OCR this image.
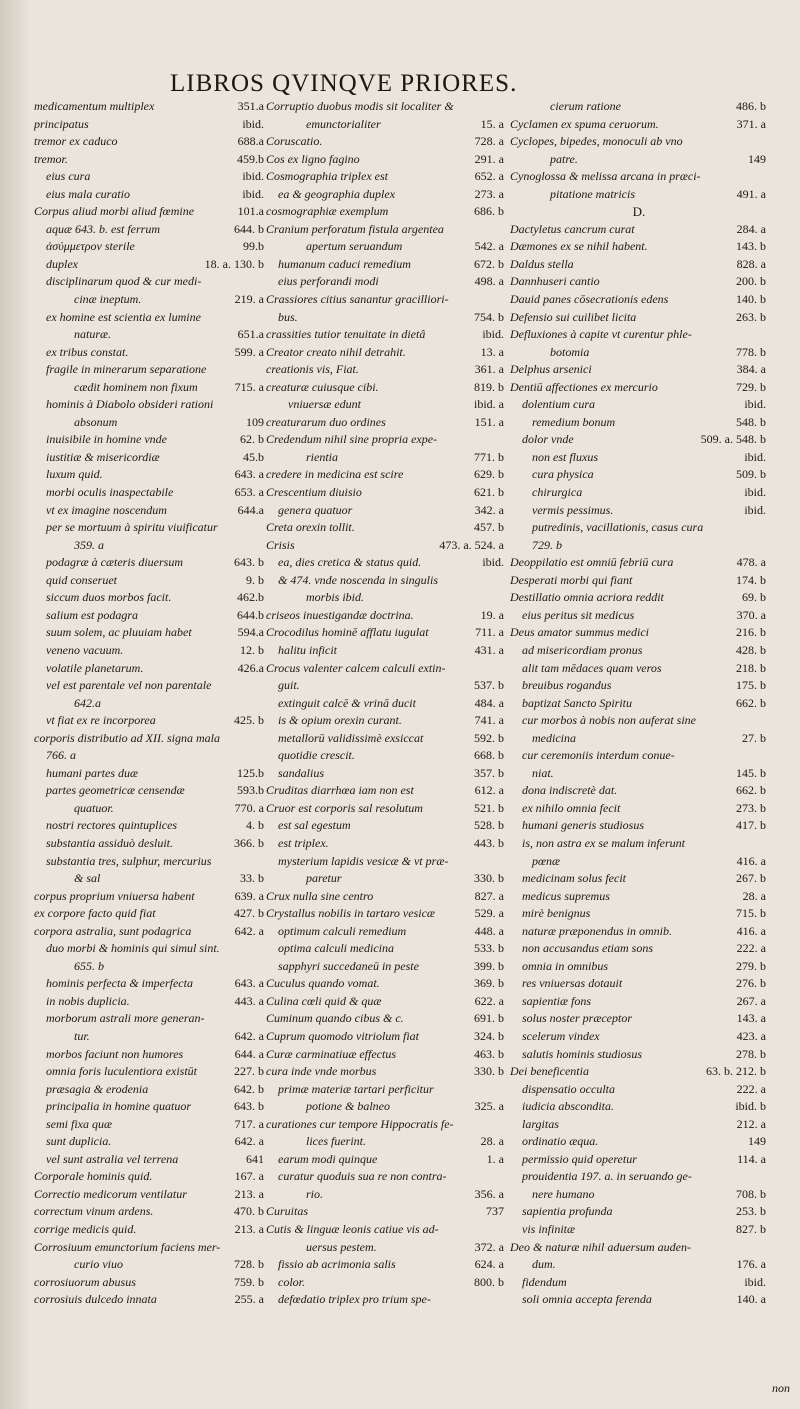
LIBROS QVINQVE PRIORES.
medicamentum multiplex	351.a
principatus	ibid.
tremor ex caduco	688.a
tremor.	459.b
eius cura	ibid.
eius mala curatio	ibid.
Corpus aliud morbi aliud fœmine	101.a
aquæ 643. b. est ferrum	644. b
ἀσύμμετρον sterile	99.b
duplex	18. a. 130. b
disciplinarum quod & cur medi-
cinæ ineptum.	219. a
ex homine est scientia ex lumine
naturæ.	651.a
ex tribus constat.	599. a
fragile in minerarum separatione
cædit hominem non fixum	715. a
hominis à Diabolo obsideri rationi
absonum	109
inuisibile in homine vnde	62. b
iustitiæ & misericordiæ	45.b
luxum quid.	643. a
morbi oculis inaspectabile	653. a
vt ex imagine noscendum	644.a
per se mortuum à spiritu viuificatur
359. a
podagræ à cæteris diuersum	643. b
quid conseruet	9. b
siccum duos morbos facit.	462.b
salium est podagra	644.b
suum solem, ac pluuiam habet	594.a
veneno vacuum.	12. b
volatile planetarum.	426.a
vel est parentale vel non parentale
642.a
vt fiat ex re incorporea	425. b
corporis distributio ad XII. signa mala
766. a
humani partes duæ	125.b
partes geometricæ censendæ	593.b
quatuor.	770. a
nostri rectores quintuplices	4. b
substantia assiduò desluit.	366. b
substantia tres, sulphur, mercurius
& sal	33. b
corpus proprium vniuersa habent	639. a
ex corpore facto quid fiat	427. b
corpora astralia, sunt podagrica	642. a
duo morbi & hominis qui simul sint.
655. b
hominis perfecta & imperfecta	643. a
in nobis duplicia.	443. a
morborum astrali more generan-
tur.	642. a
morbos faciunt non humores	644. a
omnia foris luculentiora existūt	227. b
præsagia & erodenia	642. b
principalia in homine quatuor	643. b
semi fixa quæ	717. a
sunt duplicia.	642. a
vel sunt astralia vel terrena	641
Corporale hominis quid.	167. a
Correctio medicorum ventilatur	213. a
correctum vinum ardens.	470. b
corrige medicis quid.	213. a
Corrosiuum emunctorium faciens mer-
curio viuo	728. b
corrosiuorum abusus	759. b
corrosiuis dulcedo innata	255. a
Corruptio duobus modis sit localiter &
emunctorialiter	15. a
Coruscatio.	728. a
Cos ex ligno fagino	291. a
Cosmographia triplex est	652. a
ea & geographia duplex	273. a
cosmographiæ exemplum	686. b
Cranium perforatum fistula argentea
apertum seruandum	542. a
humanum caduci remedium	672. b
eius perforandi modi	498. a
Crassiores citius sanantur gracilliori-
bus.	754. b
crassities tutior tenuitate in dietâ	ibid.
Creator creato nihil detrahit.	13. a
creationis vis, Fiat.	361. a
creaturæ cuiusque cibi.	819. b
vniuersæ edunt	ibid. a
creaturarum duo ordines	151. a
Credendum nihil sine propria expe-
rientia	771. b
credere in medicina est scire	629. b
Crescentium diuisio	621. b
genera quatuor	342. a
Creta orexin tollit.	457. b
Crisis	473. a. 524. a
ea, dies cretica & status quid.	ibid.
& 474. vnde noscenda in singulis
morbis ibid.
criseos inuestigandæ doctrina.	19. a
Crocodilus hominē afflatu iugulat	711. a
halitu inficit	431. a
Crocus valenter calcem calculi extin-
guit.	537. b
extinguit calcē & vrinā ducit	484. a
is & opium orexin curant.	741. a
metallorū validissimè exsiccat	592. b
quotidie crescit.	668. b
sandalius	357. b
Cruditas diarrhœa iam non est	612. a
Cruor est corporis sal resolutum	521. b
est sal egestum	528. b
est triplex.	443. b
mysterium lapidis vesicæ & vt præ-
paretur	330. b
Crux nulla sine centro	827. a
Crystallus nobilis in tartaro vesicæ	529. a
optimum calculi remedium	448. a
optima calculi medicina	533. b
sapphyri succedaneū in peste	399. b
Cuculus quando vomat.	369. b
Culina cœli quid & quæ	622. a
Cuminum quando cibus & c.	691. b
Cuprum quomodo vitriolum fiat	324. b
Curæ carminatiuæ effectus	463. b
cura inde vnde morbus	330. b
primæ materiæ tartari perficitur
potione & balneo	325. a
curationes cur tempore Hippocratis fe-
lices fuerint.	28. a
earum modi quinque	1. a
curatur quoduis sua re non contra-
rio.	356. a
Curuitas	737
Cutis & linguæ leonis catiue vis ad-
uersus pestem.	372. a
fissio ab acrimonia salis	624. a
color.	800. b
defœdatio triplex pro trium spe-
cierum ratione	486. b
Cyclamen ex spuma ceruorum.	371. a
Cyclopes, bipedes, monoculi ab vno
patre.	149
Cynoglossa & melissa arcana in præci-
pitatione matricis	491. a
D.
Dactyletus cancrum curat	284. a
Dæmones ex se nihil habent.	143. b
Daldus stella	828. a
Dannhuseri cantio	200. b
Dauid panes cōsecrationis edens	140. b
Defensio sui cuilibet licita	263. b
Defluxiones à capite vt curentur phle-
botomia	778. b
Delphus arsenici	384. a
Dentiū affectiones ex mercurio	729. b
dolentium cura	ibid.
remedium bonum	548. b
dolor vnde	509. a. 548. b
non est fluxus	ibid.
cura physica	509. b
chirurgica	ibid.
vermis pessimus.	ibid.
putredinis, vacillationis, casus cura
729. b
Deoppilatio est omniū febriū cura	478. a
Desperati morbi qui fiant	174. b
Destillatio omnia acriora reddit	69. b
eius peritus sit medicus	370. a
Deus amator summus medici	216. b
ad misericordiam pronus	428. b
alit tam mēdaces quam veros	218. b
breuibus rogandus	175. b
baptizat Sancto Spiritu	662. b
cur morbos à nobis non auferat sine
medicina	27. b
cur ceremoniis interdum conue-
niat.	145. b
dona indiscretè dat.	662. b
ex nihilo omnia fecit	273. b
humani generis studiosus	417. b
is, non astra ex se malum inferunt
pœnæ	416. a
medicinam solus fecit	267. b
medicus supremus	28. a
mirè benignus	715. b
naturæ præponendus in omnib.	416. a
non accusandus etiam sons	222. a
omnia in omnibus	279. b
res vniuersas dotauit	276. b
sapientiæ fons	267. a
solus noster præceptor	143. a
scelerum vindex	423. a
salutis hominis studiosus	278. b
Dei beneficentia	63. b. 212. b
dispensatio occulta	222. a
iudicia abscondita.	ibid. b
largitas	212. a
ordinatio æqua.	149
permissio quid operetur	114. a
prouidentia 197. a. in seruando ge-
nere humano	708. b
sapientia profunda	253. b
vis infinitæ	827. b
Deo & naturæ nihil aduersum auden-
dum.	176. a
fidendum	ibid.
soli omnia accepta ferenda	140. a
non
